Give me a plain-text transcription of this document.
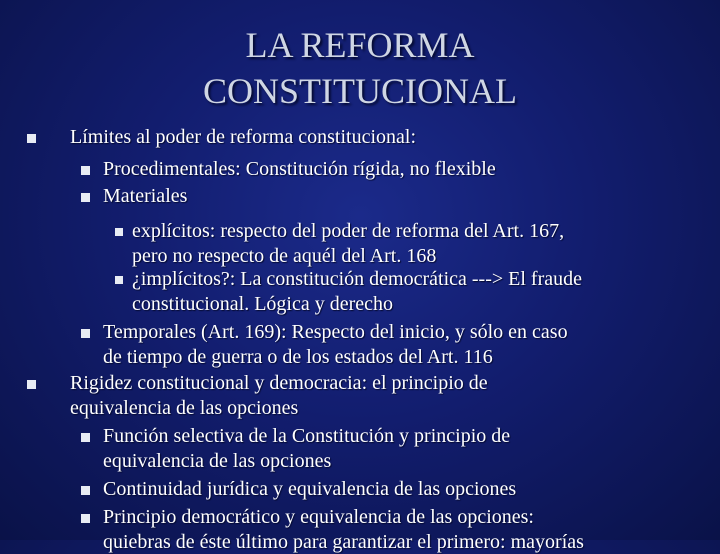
LA REFORMA
CONSTITUCIONAL
Límites al poder de reforma constitucional:
Procedimentales: Constitución rígida, no flexible
Materiales
explícitos: respecto del poder de reforma del Art. 167,
pero no respecto de aquél del Art. 168
¿implícitos?: La constitución democrática ---> El fraude
constitucional. Lógica y derecho
Temporales (Art. 169): Respecto del inicio, y sólo en caso
de tiempo de guerra o de los estados del Art. 116
Rigidez constitucional y democracia: el principio de
equivalencia de las opciones
Función selectiva de la Constitución y principio de
equivalencia de las opciones
Continuidad jurídica y equivalencia de las opciones
Principio democrático y equivalencia de las opciones:
quiebras de éste último para garantizar el primero: mayorías
